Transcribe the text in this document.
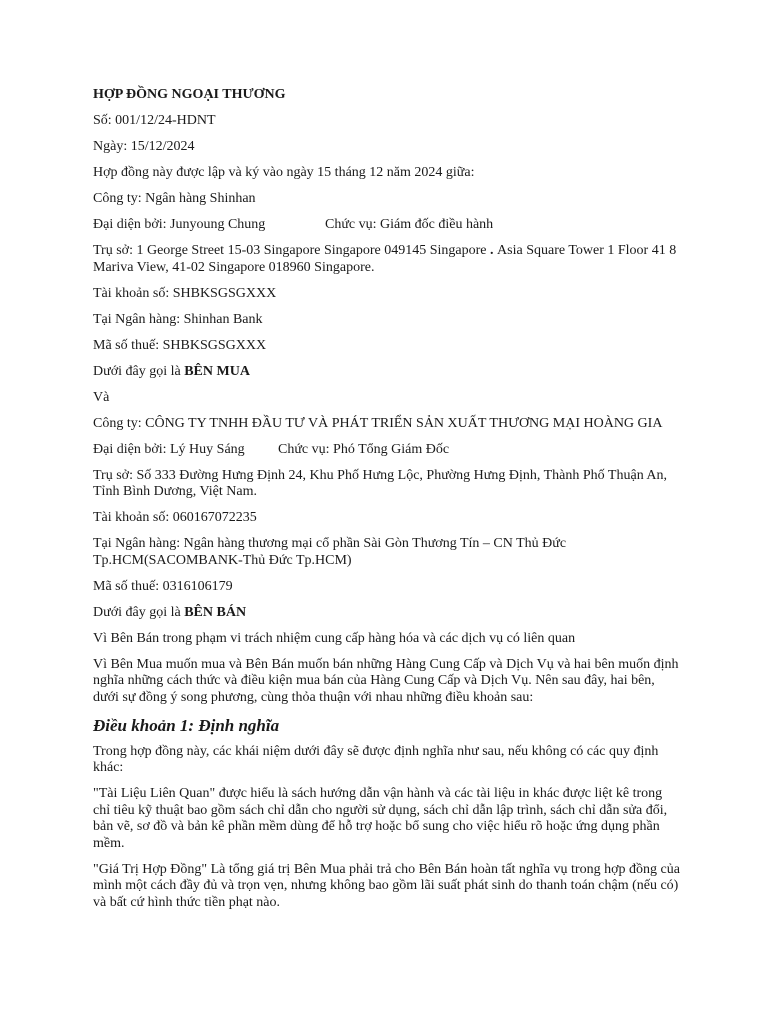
HỢP ĐỒNG NGOẠI THƯƠNG

Số: 001/12/24-HDNT

Ngày: 15/12/2024

Hợp đồng này được lập và ký vào ngày 15 tháng 12 năm 2024 giữa:

Công ty: Ngân hàng Shinhan

Đại diện bởi: Junyoung Chung	Chức vụ: Giám đốc điều hành

Trụ sở: 1 George Street 15-03 Singapore Singapore 049145 Singapore . Asia Square Tower 1 Floor 41 8 Mariva View, 41-02 Singapore 018960 Singapore.

Tài khoản số: SHBKSGSGXXX

Tại Ngân hàng: Shinhan Bank

Mã số thuế: SHBKSGSGXXX

Dưới đây gọi là BÊN MUA

Và

Công ty: CÔNG TY TNHH ĐẦU TƯ VÀ PHÁT TRIỂN SẢN XUẤT THƯƠNG MẠI HOÀNG GIA

Đại diện bởi: Lý Huy Sáng	Chức vụ: Phó Tổng Giám Đốc

Trụ sở: Số 333 Đường Hưng Định 24, Khu Phố Hưng Lộc, Phường Hưng Định, Thành Phố Thuận An, Tỉnh Bình Dương, Việt Nam.

Tài khoản số: 060167072235

Tại Ngân hàng: Ngân hàng thương mại cổ phần Sài Gòn Thương Tín – CN Thủ Đức Tp.HCM(SACOMBANK-Thủ Đức Tp.HCM)

Mã số thuế: 0316106179

Dưới đây gọi là BÊN BÁN

Vì Bên Bán trong phạm vi trách nhiệm cung cấp hàng hóa và các dịch vụ có liên quan

Vì Bên Mua muốn mua và Bên Bán muốn bán những Hàng Cung Cấp và Dịch Vụ và hai bên muốn định nghĩa những cách thức và điều kiện mua bán của Hàng Cung Cấp và Dịch Vụ. Nên sau đây, hai bên, dưới sự đồng ý song phương, cùng thỏa thuận với nhau những điều khoản sau:

Điều khoản 1: Định nghĩa

Trong hợp đồng này, các khái niệm dưới đây sẽ được định nghĩa như sau, nếu không có các quy định khác:

"Tài Liệu Liên Quan" được hiểu là sách hướng dẫn vận hành và các tài liệu in khác được liệt kê trong chỉ tiêu kỹ thuật bao gồm sách chỉ dẫn cho người sử dụng, sách chỉ dẫn lập trình, sách chỉ dẫn sửa đổi, bản vẽ, sơ đồ và bản kê phần mềm dùng để hỗ trợ hoặc bổ sung cho việc hiểu rõ hoặc ứng dụng phần mềm.

"Giá Trị Hợp Đồng" Là tổng giá trị Bên Mua phải trả cho Bên Bán hoàn tất nghĩa vụ trong hợp đồng của mình một cách đầy đủ và trọn vẹn, nhưng không bao gồm lãi suất phát sinh do thanh toán chậm (nếu có) và bất cứ hình thức tiền phạt nào.
